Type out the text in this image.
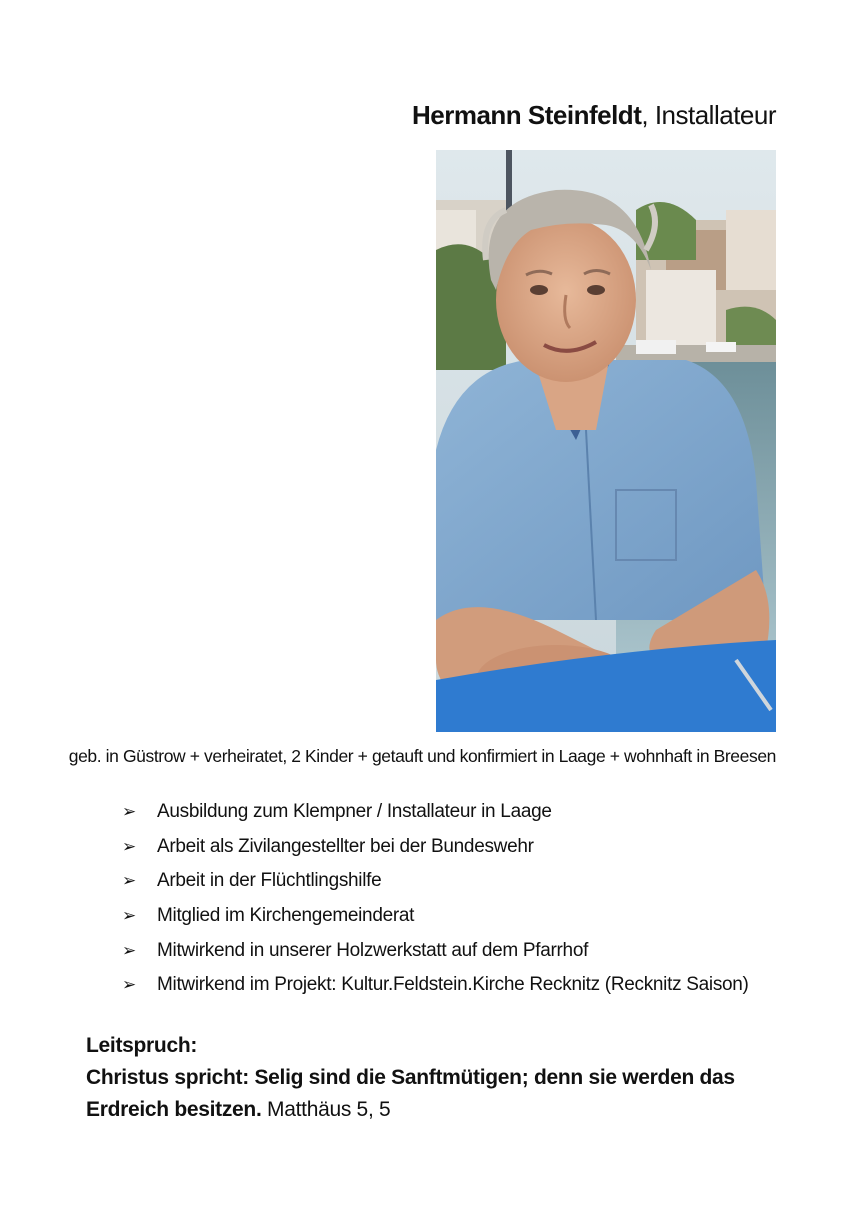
Hermann Steinfeldt, Installateur
geb. in Güstrow + verheiratet, 2 Kinder + getauft und konfirmiert in Laage + wohnhaft in Breesen
➢	Ausbildung zum Klempner / Installateur in Laage
➢	Arbeit als Zivilangestellter bei der Bundeswehr
➢	Arbeit in der Flüchtlingshilfe
➢	Mitglied im Kirchengemeinderat
➢	Mitwirkend in unserer Holzwerkstatt auf dem Pfarrhof
➢	Mitwirkend im Projekt: Kultur.Feldstein.Kirche Recknitz (Recknitz Saison)
Leitspruch:
Christus spricht: Selig sind die Sanftmütigen; denn sie werden das Erdreich besitzen. Matthäus 5, 5
